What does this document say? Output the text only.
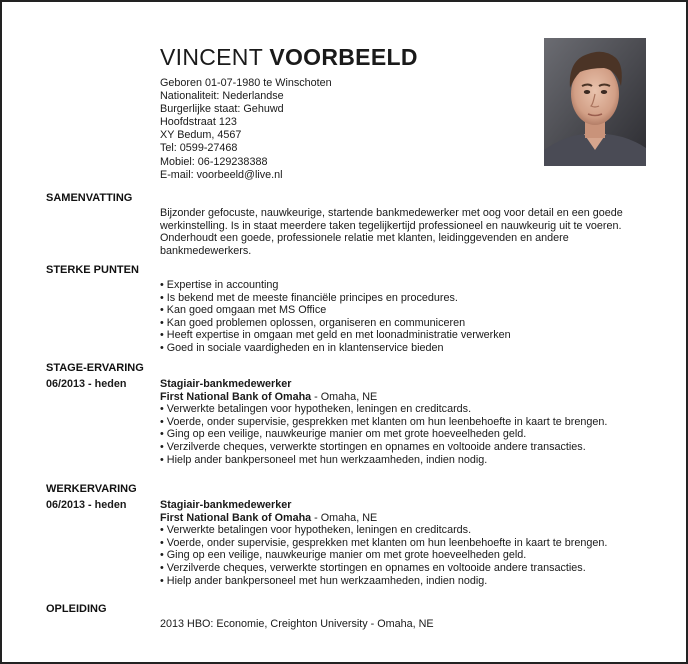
VINCENT VOORBEELD
Geboren 01-07-1980 te Winschoten
Nationaliteit: Nederlandse
Burgerlijke staat: Gehuwd
Hoofdstraat 123
XY Bedum, 4567
Tel: 0599-27468
Mobiel: 06-129238388
E-mail: voorbeeld@live.nl
SAMENVATTING
Bijzonder gefocuste, nauwkeurige, startende bankmedewerker met oog voor detail en een goede werkinstelling. Is in staat meerdere taken tegelijkertijd professioneel en nauwkeurig uit te voeren. Onderhoudt een goede, professionele relatie met klanten, leidinggevenden en andere bankmedewerkers.
STERKE PUNTEN
• Expertise in accounting
• Is bekend met de meeste financiële principes en procedures.
• Kan goed omgaan met MS Office
• Kan goed problemen oplossen, organiseren en communiceren
• Heeft expertise in omgaan met geld en met loonadministratie verwerken
• Goed in sociale vaardigheden en in klantenservice bieden
STAGE-ERVARING
06/2013 - heden	Stagiair-bankmedewerker
First National Bank of Omaha - Omaha, NE
• Verwerkte betalingen voor hypotheken, leningen en creditcards.
• Voerde, onder supervisie, gesprekken met klanten om hun leenbehoefte in kaart te brengen.
• Ging op een veilige, nauwkeurige manier om met grote hoeveelheden geld.
• Verzilverde cheques, verwerkte stortingen en opnames en voltooide andere transacties.
• Hielp ander bankpersoneel met hun werkzaamheden, indien nodig.
WERKERVARING
06/2013 - heden	Stagiair-bankmedewerker
First National Bank of Omaha - Omaha, NE
• Verwerkte betalingen voor hypotheken, leningen en creditcards.
• Voerde, onder supervisie, gesprekken met klanten om hun leenbehoefte in kaart te brengen.
• Ging op een veilige, nauwkeurige manier om met grote hoeveelheden geld.
• Verzilverde cheques, verwerkte stortingen en opnames en voltooide andere transacties.
• Hielp ander bankpersoneel met hun werkzaamheden, indien nodig.
OPLEIDING
2013 HBO: Economie, Creighton University - Omaha, NE
